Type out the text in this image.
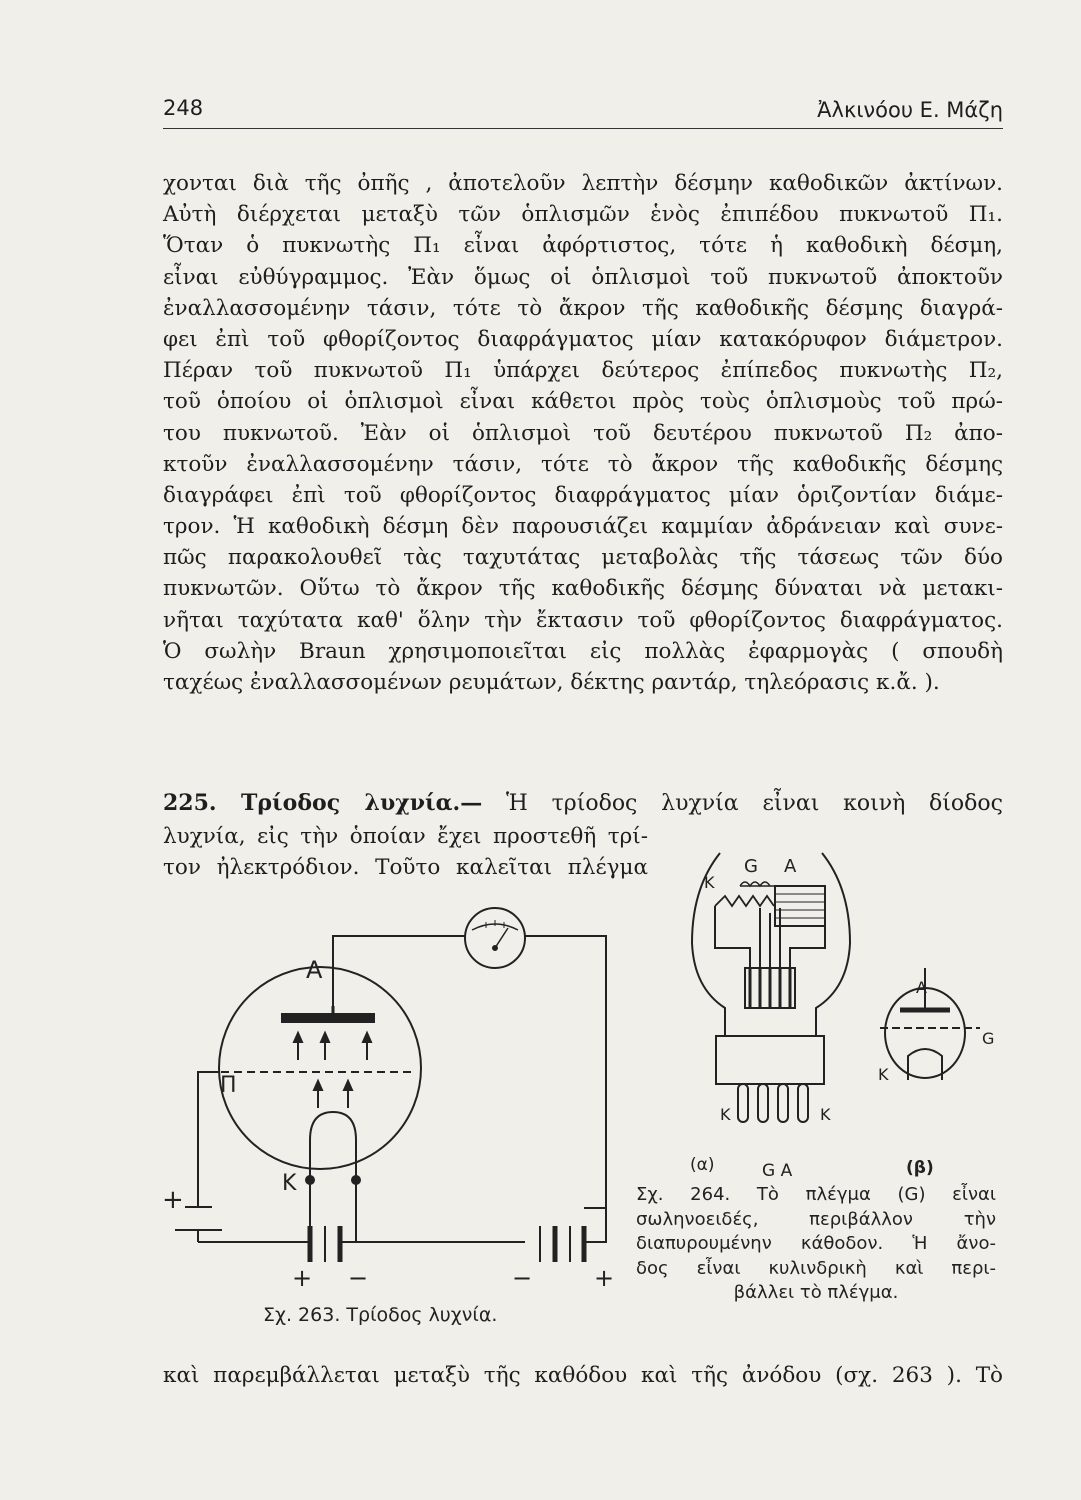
248	Ἀλκινόου Ε. Μάζη
χονται διὰ τῆς ὀπῆς , ἀποτελοῦν λεπτὴν δέσμην καθοδικῶν ἀκτίνων.
Αὐτὴ διέρχεται μεταξὺ τῶν ὁπλισμῶν ἑνὸς ἐπιπέδου πυκνωτοῦ Π₁.
Ὅταν ὁ πυκνωτὴς Π₁ εἶναι ἀφόρτιστος, τότε ἡ καθοδικὴ δέσμη,
εἶναι εὐθύγραμμος. Ἐὰν ὅμως οἱ ὁπλισμοὶ τοῦ πυκνωτοῦ ἀποκτοῦν
ἐναλλασσομένην τάσιν, τότε τὸ ἄκρον τῆς καθοδικῆς δέσμης διαγρά-
φει ἐπὶ τοῦ φθορίζοντος διαφράγματος μίαν κατακόρυφον διάμετρον.
Πέραν τοῦ πυκνωτοῦ Π₁ ὑπάρχει δεύτερος ἐπίπεδος πυκνωτὴς Π₂,
τοῦ ὁποίου οἱ ὁπλισμοὶ εἶναι κάθετοι πρὸς τοὺς ὁπλισμοὺς τοῦ πρώ-
του πυκνωτοῦ. Ἐὰν οἱ ὁπλισμοὶ τοῦ δευτέρου πυκνωτοῦ Π₂ ἀπο-
κτοῦν ἐναλλασσομένην τάσιν, τότε τὸ ἄκρον τῆς καθοδικῆς δέσμης
διαγράφει ἐπὶ τοῦ φθορίζοντος διαφράγματος μίαν ὁριζοντίαν διάμε-
τρον. Ἡ καθοδικὴ δέσμη δὲν παρουσιάζει καμμίαν ἀδράνειαν καὶ συνε-
πῶς παρακολουθεῖ τὰς ταχυτάτας μεταβολὰς τῆς τάσεως τῶν δύο
πυκνωτῶν. Οὕτω τὸ ἄκρον τῆς καθοδικῆς δέσμης δύναται νὰ μετακι-
νῆται ταχύτατα καθ' ὅλην τὴν ἔκτασιν τοῦ φθορίζοντος διαφράγματος.
Ὁ σωλὴν Braun χρησιμοποιεῖται εἰς πολλὰς ἐφαρμογὰς ( σπουδὴ
ταχέως ἐναλλασσομένων ρευμάτων, δέκτης ραντάρ, τηλεόρασις κ.ἄ. ).
225. Τρίοδος λυχνία.— Ἡ τρίοδος λυχνία εἶναι κοινὴ δίοδος
λυχνία, εἰς τὴν ὁποίαν ἔχει προστεθῆ τρί-
τον ἠλεκτρόδιον. Τοῦτο καλεῖται πλέγμα
A
Π
K
+
+ −	−	+
G A
K
K	K
(α)	G A
A
G
K
(β)
Σχ. 264. Τὸ πλέγμα (G) εἶναι
σωληνοειδές, περιβάλλον τὴν
διαπυρουμένην κάθοδον. Ἡ ἄνο-
δος εἶναι κυλινδρικὴ καὶ περι-
βάλλει τὸ πλέγμα.
Σχ. 263. Τρίοδος λυχνία.
καὶ παρεμβάλλεται μεταξὺ τῆς καθόδου καὶ τῆς ἀνόδου (σχ. 263 ). Τὸ
